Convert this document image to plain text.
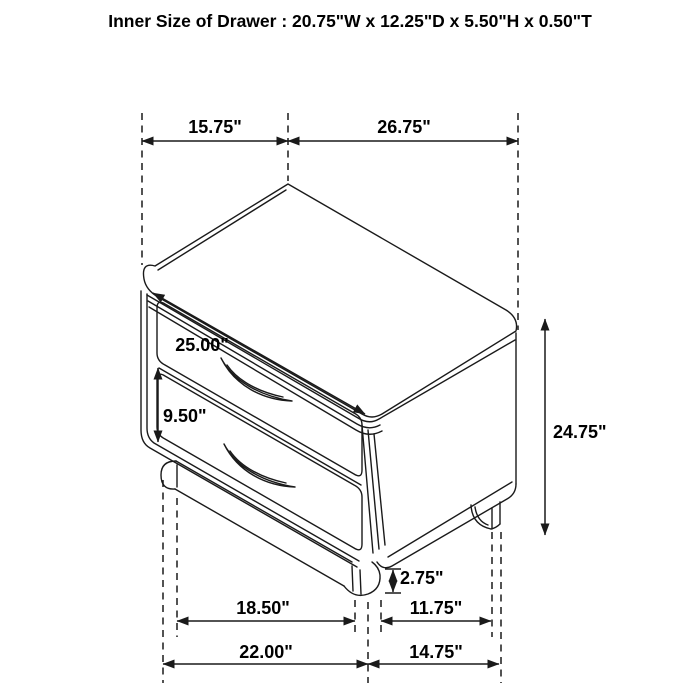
Inner Size of Drawer : 20.75"W x 12.25"D x 5.50"H x 0.50"T
15.75"	26.75"
25.00"
9.50"
24.75"
2.75"
18.50"	11.75"
22.00"	14.75"
